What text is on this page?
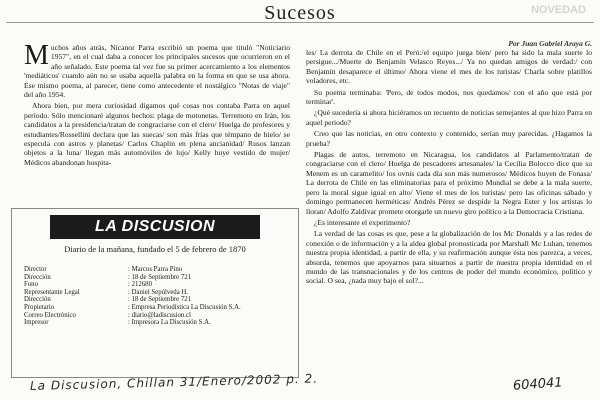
Sucesos	NOVEDAD
Por Juan Gabriel Araya G.

Muchos años atrás, Nicanor Parra escribió un poema que tituló "Noticiario 1957", en el cual daba a conocer los principales sucesos que ocurrieron en el año señalado. Este poema tal vez fue su primer acercamiento a los elementos 'mediáticos' cuando aún no se usaba aquella palabra en la forma en que se usa ahora. Ese mismo poema, al parecer, tiene como antecedente el nostálgico "Notas de viaje" del año 1954.

Ahora bien, por mera curiosidad digamos qué cosas nos contaba Parra en aquel periodo. Sólo mencionaré algunos hechos: plaga de motonetas. Terremoto en Irán, los candidatos a la presidencia/tratan de congraciarse con el clero/ Huelga de profesores y estudiantes/Rossellini declara que las suecas/ son más frías que témpano de hielo/ se especula con astros y planetas/ Carlos Chaplin en plena ancianidad/ Rusos lanzan objetos a la luna/ llegan más automóviles de lujo/ Kelly huye vestido de mujer/ Médicos abandonan hospita-

les/ La derrota de Chile en el Perú:/el equipo juega bien/ pero ha sido la mala suerte lo persigue.../Muerte de Benjamín Velasco Reyes.../ Ya no quedan amigos de verdad:/ con Benjamín desaparece el último/ Ahora viene el mes de los turistas/ Charla sobre platillos voladores, etc.

Su poema terminaba: 'Pero, de todos modos, nos quedamos/ con el año que está por terminar'.

¿Qué sucedería si ahora hiciéramos un recuento de noticias semejantes al que hizo Parra en aquel periodo?

Creo que las noticias, en otro contexto y contenido, serían muy parecidas. ¿Hagamos la prueba?

Plagas de autos, terremoto en Nicaragua, los candidatos al Parlamento/tratan de congraciarse con el clero/ Huelga de pescadores artesanales/ la Cecilia Bolocco dice que su Menem es un caramelito/ los ovnis cada día son más numerosos/ Médicos huyen de Fonasa/ La derrota de Chile en las eliminatorias para el próximo Mundial se debe a la mala suerte, pero la moral sigue igual en alto/ Viene el mes de los turistas/ pero las oficinas sábado y domingo permanecen herméticas/ Andrés Pérez se despide la Negra Ester y los artistas lo lloran/ Adolfo Zaldívar promete otorgarle un nuevo giro político a la Democracia Cristiana.

¿Es interesante el experimento?

La verdad de las cosas es que, pese a la globalización de los Mc Donalds y a las redes de conexión o de información y a la aldea global pronosticada por Marshall Mc Luhan, tenemos nuestra propia identidad, a partir de ella, y su reafirmación aunque ésta nos parezca, a veces, absurda, tenemos que apoyarnos para situarnos a partir de nuestra propia identidad en el mundo de las transnacionales y de los centros de poder del mundo económico, político y social. O sea, ¿nada muy bajo el sol?...

LA DISCUSION
Diario de la mañana, fundado el 5 de febrero de 1870
Director	: Marcos Parra Pino
Dirección	: 18 de Septiembre 721
Fono	: 212680
Representante Legal	: Daniel Sepúlveda H.
Dirección	: 18 de Septiembre 721
Propietario	: Empresa Periodística La Discusión S.A.
Correo Electrónico	: diario@ladiscusion.cl
Impresor	: Impresora La Discusión S.A.
La Discusion, Chillan 31/Enero/2002 p. 2.	604041
